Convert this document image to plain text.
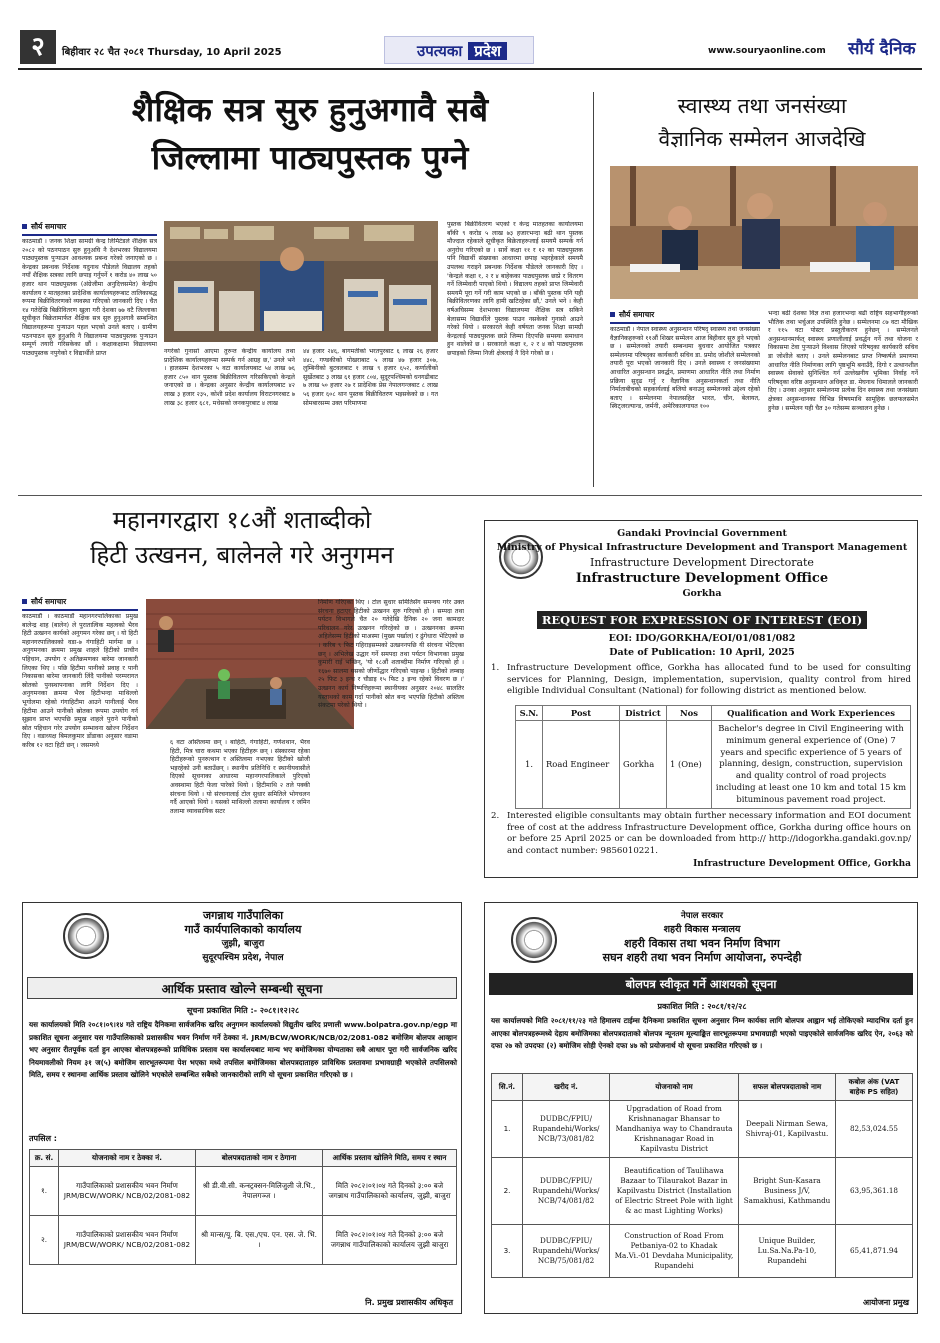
२	बिहीवार २८ चैत २०८१ Thursday, 10 April 2025	उपत्यका प्रदेश	www.souryaonline.com सौर्य दैनिक
शैक्षिक सत्र सुरु हुनुअगावै सबै
जिल्लामा पाठ्यपुस्तक पुग्ने
सौर्य समाचार
काठमाडौं । जनक शिक्षा सामग्री केन्द्र लिमिटेडले शैक्षिक सत्र २०८२ को पठनपाठन सुरु हुनुअघि नै देशभरका विद्यालयमा पाठ्यपुस्तक पुऱ्याउन आवश्यक प्रबन्ध गरेको जनाएको छ । केन्द्रका प्रबन्धक निर्देशक यदुनाथ पौडेलले विद्यालय तहको नयाँ शैक्षिक सत्रका लागि छपाइ गर्नुपर्ने १ करोड ४० लाख ५० हजार थान पाठ्यपुस्तक (अंग्रेजीमा अनुदित्तसमेत) केन्द्रीय कार्यालय र मातहतका प्रादेशिक कार्यालयहरूबाट तालिकाबद्ध रूपमा बिक्रीवितरणको व्यवस्था गरिएको जानकारी दिए । चैत १४ गतेदेखि बिक्रीवितरण खुला गरी देशका ७७ वटै जिल्लाका सूचीकृत बिक्रेतामार्फत शैक्षिक सत्र सुरु हुनुअगावै सम्बन्धित विद्यालयहरूमा पुऱ्याउन पहल भएको उनले बताए । ग्रामीण पठनपाठन सुरु हुनुअघि नै विद्यालयमा पाठ्यपुस्तक पुऱ्याउन सम्पूर्ण तयारी गरिसकेका छौं । कक्षाकक्षामा विद्यालयमा पाठ्यपुस्तक नपुगेको र विद्यार्थीले प्राप्त	नगरेको गुनासो आएमा तुरुन्त केन्द्रीय कार्यालय तथा प्रादेशिक कार्यालयहरूमा सम्पर्क गर्न आग्रह छ,' उनले भने । हालसम्म देशभरका ५ वटा कार्यालयबाट ५४ लाख ७६ हजार ८५० थान पुस्तक बिक्रीवितरण गरिसकिएको केन्द्रले जनाएको छ । केन्द्रका अनुसार केन्द्रीय कार्यालयबाट ४२ लाख ३ हजार २३५, कोशी प्रदेश कार्यालय विराटनगरबाट ७ लाख ३८ हजार ६८१, मधेसको जनकपुरबाट ४ लाख
४४ हजार २४६, बागमतीको भरतपुरबाट ६ लाख २६ हजार ४४८, गण्डकीको पोखराबाट ५ लाख ४७ हजार ३०७, लुम्बिनीको बुटवलबाट १ लाख ९ हजार ६५२, कर्णालीको सुर्खेतबाट ३ लाख ६१ हजार ८०४, सुदूरपश्चिमको धनगढीबाट ७ लाख ५० हजार २७ र प्रादेशिक प्रेस नेपालगन्जबाट ८ लाख ५६ हजार ६०८ थान पुस्तक बिक्रीवितरण भइसकेको छ । गत सोमबारसम्म उक्त परिमाणमा
पुस्तक बिक्रीवितरण भएको र केन्द्र मातहतका कार्यालयमा बाँकी ९ करोड ५ लाख ७३ हजारभन्दा बढी थान पुस्तक मौज्दात रहेकाले सूचीकृत बिक्रेताहरूलाई समयमै सम्पर्क गर्न अनुरोध गरिएको छ । सार्वे कक्षा ११ र १२ का पाठ्यपुस्तक पनि विद्यार्थी संख्याका आधारमा छपाइ भइरहेकाले समयमै उपलब्ध गराइने प्रबन्धक निर्देशक पौडेलले जानकारी दिए । 'केन्द्रले कक्षा १, २ र ४ बाहेकका पाठ्यपुस्तक छाप्ने र वितरण गर्ने जिम्मेवारी पाएको थियो । विद्यालय तहको प्राप्त जिम्मेवारी समयमै पूरा गर्ने गरी काम भएको छ । बाँकी पुस्तक पनि यही बिक्रीवितरणका लागि हामी खटिरहेका छौं,' उनले भने । केही वर्षअघिसम्म देशभरका विद्यालयमा शैक्षिक सत्र सकिने बेलासम्म विद्यार्थीले पुस्तक पाउन नसकेको गुनासो आउने गरेको थियो । सरकारले केही वर्षयता जनक शिक्षा सामग्री केन्द्रलाई पाठ्यपुस्तक छाप्ने जिम्मा दिएपछि समस्या समाधान हुन थालेको छ । सरकारले कक्षा १, २ र ४ को पाठ्यपुस्तक छपाइको जिम्मा निजी क्षेत्रलाई नै दिने गरेको छ ।
स्वास्थ्य तथा जनसंख्या
वैज्ञानिक सम्मेलन आजदेखि
सौर्य समाचार
काठमाडौं । नेपाल स्वास्थ्य अनुसन्धान परिषद् स्वास्थ्य तथा जनसंख्या वैज्ञानिकहरूको ११औं शिखर सम्मेलन आज बिहीवार सुरु हुने भएको छ । सम्मेलनको तयारी सम्बन्धमा बुधवार आयोजित पत्रकार सम्मेलनमा परिषद्का कार्यकारी सचिव डा. प्रमोद जोशीले सम्मेलनको तयारी पूरा भएको जानकारी दिए । उनले स्वास्थ्य र जनसंख्यामा आधारित अनुसन्धान प्रवर्द्धन, प्रमाणमा आधारित नीति तथा निर्माण प्रक्रिया सुदृढ गर्नु र वैज्ञानिक अनुसन्धानकर्ता तथा नीति निर्माताबीचको सहकार्यलाई बलियो बनाउनु सम्मेलनको उद्देश्य रहेको बताए । सम्मेलनमा नेपालसहित भारत, चीन, बेलायत, स्विट्जरल्यान्ड, जर्मनी, अमेरिकालगायत १००
भन्दा बढी देशका विज्ञ तथा हजारभन्दा बढी राष्ट्रिय सहभागीहरूको भौतिक तथा भर्चुअल उपस्थिति हुनेछ । सम्मेलनमा ८७ वटा मौखिक र ११५ वटा पोस्टर प्रस्तुतीकरण हुनेछन् । सम्मेलनले अनुसन्धानमार्फत् स्वास्थ्य प्रणालीलाई प्रवर्द्धन गर्ने तथा योजना र विकासमा टेवा पुऱ्याउने विश्वास लिएको परिषद्का कार्यकारी सचिव डा जोशीले बताए । उनले सम्मेलनबाट प्राप्त निष्कर्षले प्रमाणमा आधारित नीति निर्माणका लागि पृष्ठभूमि बनाउँदै, दिगो र उत्थानशील स्वास्थ्य सेवाको सुनिश्चित गर्न उल्लेखनीय भूमिका निर्वाह गर्ने परिषद्का वरिष्ठ अनुसन्धान अधिकृत डा. मेघनाथ धिमालले जानकारी दिए । उनका अनुसार सम्मेलनमा प्रत्येक दिन स्वास्थ्य तथा जनसंख्या क्षेत्रका अनुसन्धानका विभिन्न विषयमाथि सामूहिक छलफलसमेत हुनेछ । सम्मेलन यही चैत ३० गतेसम्म सञ्चालन हुनेछ ।
महानगरद्वारा १८औं शताब्दीको
हिटी उत्खनन, बालेनले गरे अनुगमन
सौर्य समाचार
काठमाडौं । काठमाडौं महानगरपालिकाका प्रमुख बालेन्द्र शाह (बालेन) ले पुरातात्विक महत्वको भैरव हिटी उत्खनन कार्यको अनुगमन गरेका छन् । यो हिटी महानगरपालिकाको वडा-७ गंगाहिटी मार्गमा छ । अनुगमनका क्रममा प्रमुख शाहले हिटीको प्राचीन पहिचान, उपयोग र अतिक्रमणका बारेमा जानकारी लिएका थिए । पछि हिटीमा पानीको प्रवाह र पानी निकासका बारेमा जानकारी लिंदै पानीको परम्परागत स्रोतको पुनस्थापनाका लागि निर्देशन दिए । अनुगमनका क्रममा भैरव हिटीभन्दा माथिल्लो भूगोलमा रहेको गंगाहिटीमा आउने पानीलाई भैरव हिटीमा आउने पानीको स्रोतका रूपमा उपयोग गर्न सुझाव प्राप्त भएपछि प्रमुख शाहले पुराने पानीको स्रोत पहिचान गरेर उपयोग सम्भावना खोज्न निर्देशन दिए । वडाध्यक्ष बिमलकुमार डोंडाका अनुसार वडामा करिब १२ वटा हिटी छन् । जसमध्ये	६ वटा अस्तित्वमा छन् । बाहिटी, गंगाहिटी, गणेशथान, भैरव हिटी, मित्र चारा कथमा भएका हिटीहरू छन् । संस्कारमा रहेका हिटीहरूको पुनरुत्थान र अस्तित्वमा नभएका हिटीको खोजी भइरहेको उनी बताउँछन् । स्थानीय प्रतिनिधि र स्थानीयवासीले दिएको सूचनाका आधारमा महानगरपालिकाले पुरिएको अवस्थामा हिटी फेला पारेको थियो । हिटीमाथि २ तले पक्की संरचना थियो । यो संरचनालाई टोल सुधार समितिले भोगचलन गर्दै आएको थियो । यसको माथिल्लो तलामा कार्यालय र जमिन तलामा व्यावसायिक सटर
निर्माण गरिएका थिए । टोल सुधार समितिसँग समन्वय गरेर उक्त संरचना हटाएर हिटीको उत्खनन सुरु गरिएको हो । सम्पदा तथा पर्यटन विभागले चैत २० गतेदेखि दैनिक २० जना कामदार परिचालन गरेर उत्खनन गरिरहेको छ । उत्खननका क्रममा अहिलेसम्म हिटीको माअस्मा (मुख्य पर्खाल) र ढुंगेधारा भेटिएको छ । करिब ९ फिट गहिराइसम्मको उत्खननपछि यी संरचना भेटिएका छन् । अभिलेख उद्धार गर्ने समपदा तथा पर्यटन विभागका प्रमुख कुमारी राई भन्छिन्, 'यो १८औं शताब्दीमा निर्माण गरिएको हो । १६७० सालमा यसको जीर्णोद्धार गरिएको पाइन्छ । हिटीको लम्बाइ २५ फिट ३ इन्च र चौडाइ १५ फिट ३ इन्च रहेको विवरण छ ।' उत्खनन कार्य निष्पत्तिहरूमा स्थानीयका अनुसार २०४८ सालतिर यस्ताथको काम गर्दा पानीको स्रोत बन्द भएपछि हिटीको अस्तित्व संकटमा परेको थियो ।
Gandaki Provincial Government
Ministry of Physical Infrastructure Development and Transport Management
Infrastructure Development Directorate
Infrastructure Development Office
Gorkha
REQUEST FOR EXPRESSION OF INTEREST (EOI)
EOI: IDO/GORKHA/EOI/01/081/082
Date of Publication: 10 April, 2025
1. Infrastructure Development office, Gorkha has allocated fund to be used for consulting services for Planning, Design, implementation, supervision, quality control from hired eligible Individual Consultant (National) for following district as mentioned below.
S.N.	Post	District	Nos	Qualification and Work Experiences
1.	Road Engineer	Gorkha	1 (One)	Bachelor's degree in Civil Engineering with minimum general experience of (One) 7 years and specific experience of 5 years of planning, design, construction, supervision and quality control of road projects including at least one 10 km and total 15 km bituminous pavement road project.
2. Interested eligible consultants may obtain further necessary information and EOI document free of cost at the address Infrastructure Development office, Gorkha during office hours on or before 25 April 2025 or can be downloaded from http:// http://idogorkha.gandaki.gov.np/ and contact number: 9856010221.
Infrastructure Development Office, Gorkha
जगन्नाथ गाउँपालिका
गाउँ कार्यपालिकाको कार्यालय
जुझी, बाजुरा
सुदूरपश्चिम प्रदेश, नेपाल
आर्थिक प्रस्ताव खोल्ने सम्बन्धी सूचना
सूचना प्रकाशित मिति :- २०८१।१२।२८
यस कार्यालयको मिति २०८१।०९।१४ गते राष्ट्रिय दैनिकमा सार्वजनिक खरिद अनुगमन कार्यालयको विद्युतीय खरिद प्रणाली www.bolpatra.gov.np/egp मा प्रकाशित सूचना अनुसार यस गाउँपालिकाको प्रशासकीय भवन निर्माण गर्ने ठेक्का नं. JRM/BCW/WORK/NCB/02/2081-082 बमोजिम बोलपत्र आव्हान भए अनुसार रीतपूर्वक दर्ता हुन आएका बोलपत्रहरूको प्राविधिक प्रस्ताव यस कार्यालयबाट मान्य भए बमोजिमका योग्यताका सबै आधार पूरा गरी सार्वजनिक खरिद नियमावलीको नियम ३१ ज(५) बमोजिम सारभूतरूपमा पेश भएका मध्ये तपसिल बमोजिमका बोलपत्रदाताहरु प्राविधिक प्रस्तावमा प्रभावग्राही भएकोले तपसिलको मिति, समय र स्थानमा आर्थिक प्रस्ताव खोलिने भएकोले सम्बन्धित सबैको जानकारीको लागि यो सूचना प्रकाशित गरिएको छ ।
तपसिल :
क्र. सं.	योजनाको नाम र ठेक्का नं.	बोलपत्रदाताको नाम र ठेगाना	आर्थिक प्रस्ताव खोलिने मिति, समय र स्थान
१.	गाउँपालिकाको प्रशासकीय भवन निर्माण JRM/BCW/WORK/ NCB/02/2081-082	श्री डी.वी.सी. कन्स्ट्रक्सन-मिलिजुली जे.भि., नेपालगञ्ज ।	मिति २०८२।०१।०४ गते दिनको ३:०० बजे जगन्नाथ गाउँपालिकाको कार्यालय, जुझी, बाजुरा
२.	गाउँपालिकाको प्रशासकीय भवन निर्माण JRM/BCW/WORK/ NCB/02/2081-082	श्री मान्स/यू. बि. एस./एच. एन. एस. जे. भि. ।	मिति २०८२।०१।०४ गते दिनको ३:०० बजे जगन्नाथ गाउँपालिकाको कार्यालय जुझी बाजुरा
नि. प्रमुख प्रशासकीय अधिकृत
नेपाल सरकार
शहरी विकास मन्त्रालय
शहरी विकास तथा भवन निर्माण विभाग
सघन शहरी तथा भवन निर्माण आयोजना, रुपन्देही
बोलपत्र स्वीकृत गर्ने आशयको सूचना
प्रकाशित मिति : २०८१/१२/२८
यस कार्यालयको मिति २०८१/११/२३ गते हिमालय टाईम्स दैनिकमा प्रकाशित सूचना अनुसार निम्न कार्यका लागि बोलपत्र आह्वान भई तोकिएको म्यादभित्र दर्ता हुन आएका बोलपत्रहरूमध्ये देहाय बमोजिमका बोलपत्रदाताको बोलपत्र न्यूनतम मूल्याङ्कित सारभूतरूपमा प्रभावग्राही भएको पाइएकोले सार्वजनिक खरिद ऐन, २०६३ को दफा २७ को उपदफा (२) बमोजिम सोही ऐनको दफा ४७ को प्रयोजनार्थ यो सूचना प्रकाशित गरिएको छ ।
सि.नं.	खरीद नं.	योजनाको नाम	सफल बोलपत्रदाताको नाम	कबोल अंक (VAT बाहेक PS सहित)
1.	DUDBC/FPIU/ Rupandehi/Works/ NCB/73/081/82	Upgradation of Road from Krishnanagar Bhansar to Mandhaniya way to Chandrauta Krishnanagar Road in Kapilvastu District	Deepali Nirman Sewa, Shivraj-01, Kapilvastu.	82,53,024.55
2.	DUDBC/FPIU/ Rupandehi/Works/ NCB/74/081/82	Beautification of Taulihawa Bazaar to Tilaurakot Bazar in Kapilvastu District (Installation of Electric Street Pole with light & ac mast Lighting Works)	Bright Sun-Kasara Business J/V, Samakhusi, Kathmandu	63,95,361.18
3.	DUDBC/FPIU/ Rupandehi/Works/ NCB/75/081/82	Construction of Road From Petbaniya-02 to Khadak Ma.Vi.-01 Devdaha Municipality, Rupandehi	Unique Builder, Lu.Sa.Na.Pa-10, Rupandehi	65,41,871.94
आयोजना प्रमुख
